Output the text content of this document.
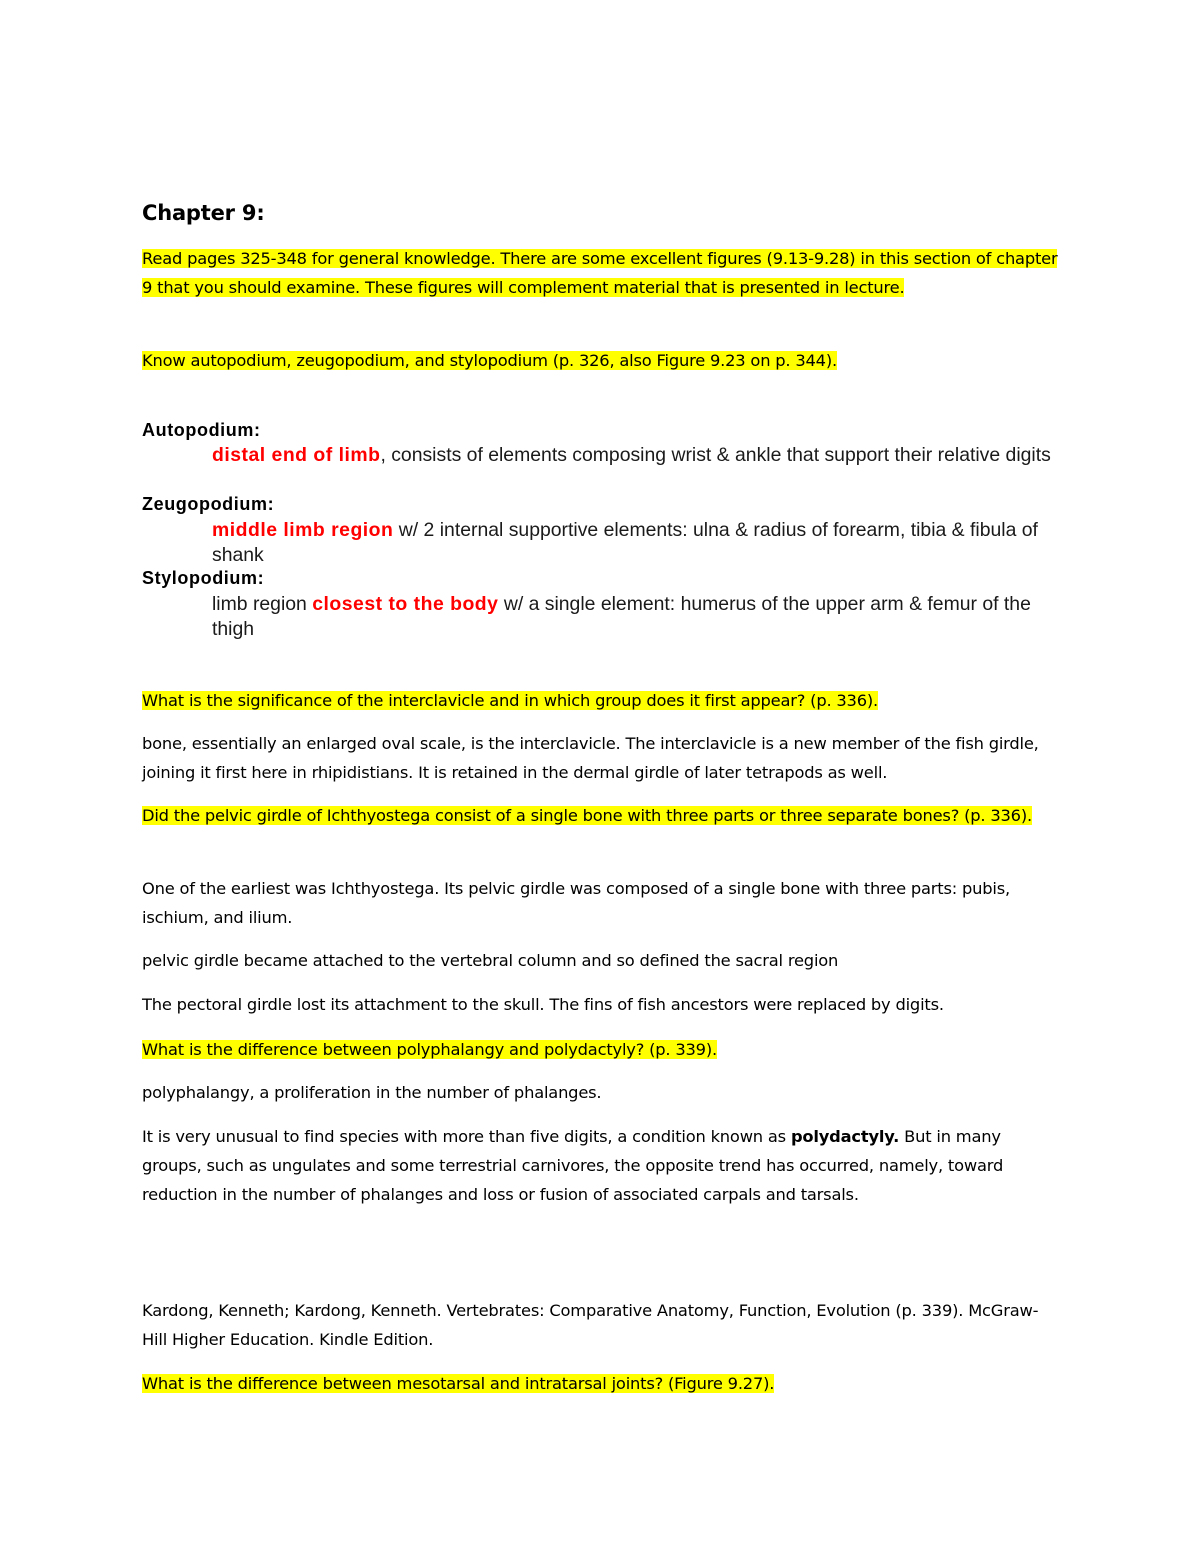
Chapter 9:

Read pages 325-348 for general knowledge. There are some excellent figures (9.13-9.28) in this section of chapter 9 that you should examine. These figures will complement material that is presented in lecture.

Know autopodium, zeugopodium, and stylopodium (p. 326, also Figure 9.23 on p. 344).

Autopodium:
distal end of limb, consists of elements composing wrist & ankle that support their relative digits
Zeugopodium:
middle limb region w/ 2 internal supportive elements: ulna & radius of forearm, tibia & fibula of shank
Stylopodium:
limb region closest to the body w/ a single element: humerus of the upper arm & femur of the thigh

What is the significance of the interclavicle and in which group does it first appear? (p. 336).

bone, essentially an enlarged oval scale, is the interclavicle. The interclavicle is a new member of the fish girdle, joining it first here in rhipidistians. It is retained in the dermal girdle of later tetrapods as well.

Did the pelvic girdle of Ichthyostega consist of a single bone with three parts or three separate bones? (p. 336).

One of the earliest was Ichthyostega. Its pelvic girdle was composed of a single bone with three parts: pubis, ischium, and ilium.

pelvic girdle became attached to the vertebral column and so defined the sacral region

The pectoral girdle lost its attachment to the skull. The fins of fish ancestors were replaced by digits.

What is the difference between polyphalangy and polydactyly? (p. 339).

polyphalangy, a proliferation in the number of phalanges.

It is very unusual to find species with more than five digits, a condition known as polydactyly. But in many groups, such as ungulates and some terrestrial carnivores, the opposite trend has occurred, namely, toward reduction in the number of phalanges and loss or fusion of associated carpals and tarsals.

Kardong, Kenneth; Kardong, Kenneth. Vertebrates: Comparative Anatomy, Function, Evolution (p. 339). McGraw-Hill Higher Education. Kindle Edition.

What is the difference between mesotarsal and intratarsal joints? (Figure 9.27).
